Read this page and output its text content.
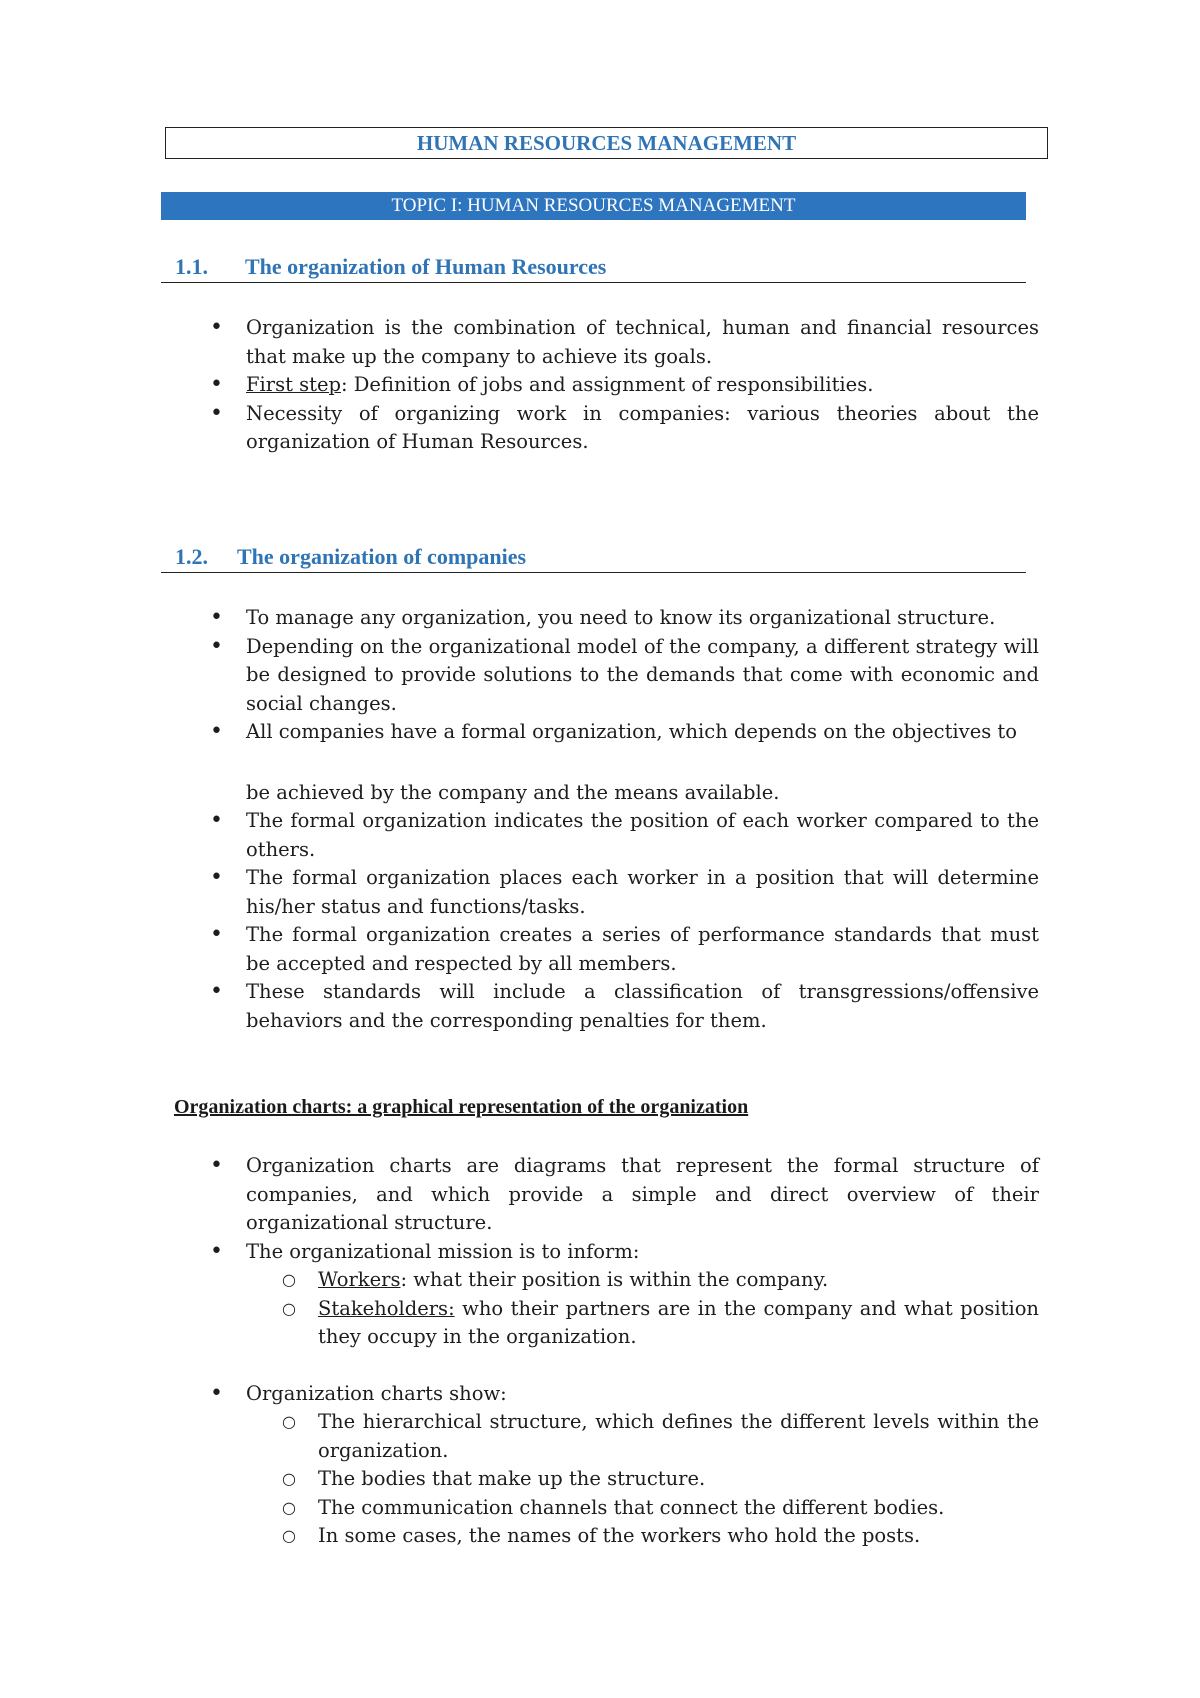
HUMAN RESOURCES MANAGEMENT
TOPIC I: HUMAN RESOURCES MANAGEMENT
1.1. The organization of Human Resources
• Organization is the combination of technical, human and financial resources that make up the company to achieve its goals.
• First step: Definition of jobs and assignment of responsibilities.
• Necessity of organizing work in companies: various theories about the organization of Human Resources.
1.2. The organization of companies
• To manage any organization, you need to know its organizational structure.
• Depending on the organizational model of the company, a different strategy will be designed to provide solutions to the demands that come with economic and social changes.
• All companies have a formal organization, which depends on the objectives to
be achieved by the company and the means available.
• The formal organization indicates the position of each worker compared to the others.
• The formal organization places each worker in a position that will determine his/her status and functions/tasks.
• The formal organization creates a series of performance standards that must be accepted and respected by all members.
• These standards will include a classification of transgressions/offensive behaviors and the corresponding penalties for them.
Organization charts: a graphical representation of the organization
• Organization charts are diagrams that represent the formal structure of companies, and which provide a simple and direct overview of their organizational structure.
• The organizational mission is to inform:
○ Workers: what their position is within the company.
○ Stakeholders: who their partners are in the company and what position they occupy in the organization.
• Organization charts show:
○ The hierarchical structure, which defines the different levels within the organization.
○ The bodies that make up the structure.
○ The communication channels that connect the different bodies.
○ In some cases, the names of the workers who hold the posts.
